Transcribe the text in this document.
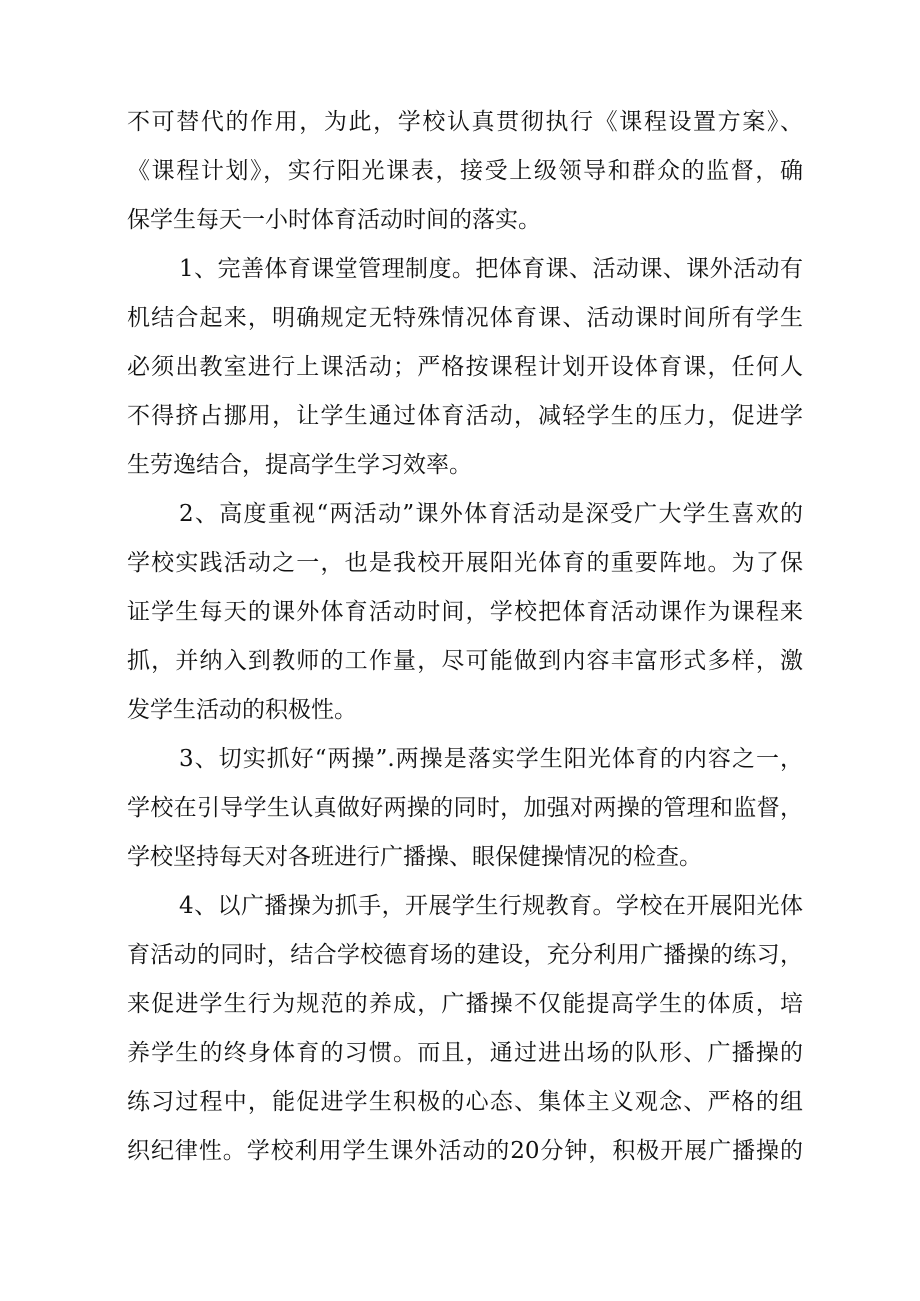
不可替代的作用，为此，学校认真贯彻执行《课程设置方案》、
《课程计划》，实行阳光课表，接受上级领导和群众的监督，确
保学生每天一小时体育活动时间的落实。
1、完善体育课堂管理制度。把体育课、活动课、课外活动有
机结合起来，明确规定无特殊情况体育课、活动课时间所有学生
必须出教室进行上课活动；严格按课程计划开设体育课，任何人
不得挤占挪用，让学生通过体育活动，减轻学生的压力，促进学
生劳逸结合，提高学生学习效率。
2、高度重视“两活动”课外体育活动是深受广大学生喜欢的
学校实践活动之一，也是我校开展阳光体育的重要阵地。为了保
证学生每天的课外体育活动时间，学校把体育活动课作为课程来
抓，并纳入到教师的工作量，尽可能做到内容丰富形式多样，激
发学生活动的积极性。
3、切实抓好“两操”.两操是落实学生阳光体育的内容之一，
学校在引导学生认真做好两操的同时，加强对两操的管理和监督，
学校坚持每天对各班进行广播操、眼保健操情况的检查。
4、以广播操为抓手，开展学生行规教育。学校在开展阳光体
育活动的同时，结合学校德育场的建设，充分利用广播操的练习，
来促进学生行为规范的养成，广播操不仅能提高学生的体质，培
养学生的终身体育的习惯。而且，通过进出场的队形、广播操的
练习过程中，能促进学生积极的心态、集体主义观念、严格的组
织纪律性。学校利用学生课外活动的20分钟，积极开展广播操的
